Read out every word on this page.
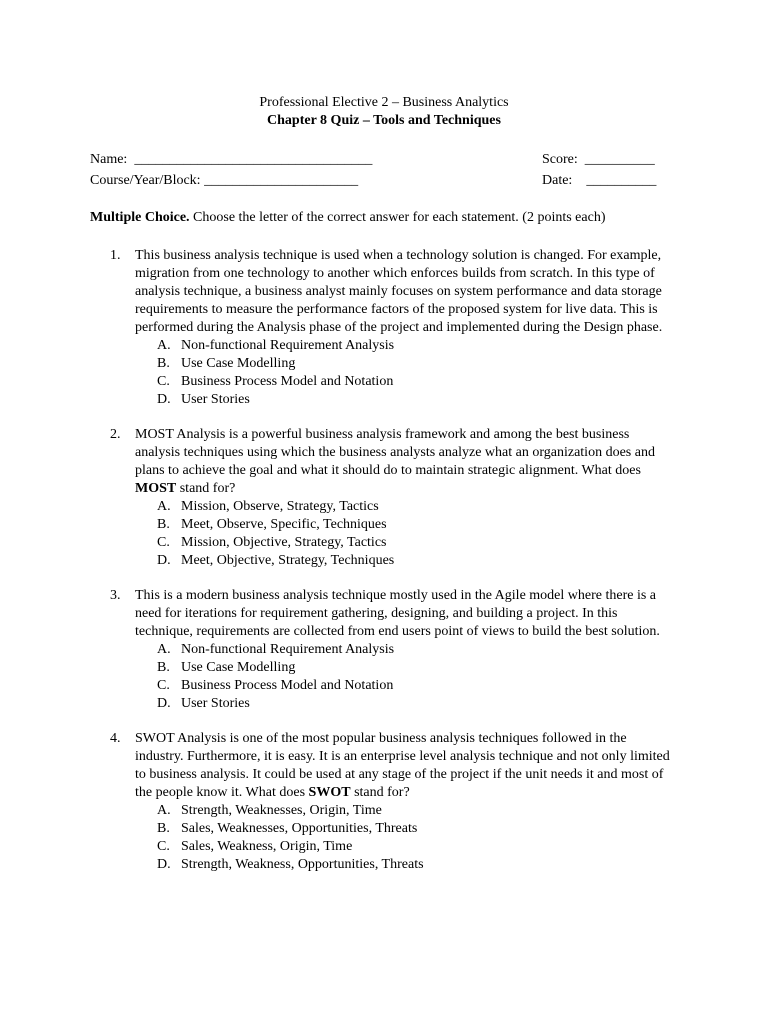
Professional Elective 2 – Business Analytics
Chapter 8 Quiz – Tools and Techniques
Name:  __________________________________	Score:  __________
Course/Year/Block: ______________________	Date:    __________
Multiple Choice. Choose the letter of the correct answer for each statement. (2 points each)
1. This business analysis technique is used when a technology solution is changed. For example, migration from one technology to another which enforces builds from scratch. In this type of analysis technique, a business analyst mainly focuses on system performance and data storage requirements to measure the performance factors of the proposed system for live data. This is performed during the Analysis phase of the project and implemented during the Design phase.
A. Non-functional Requirement Analysis
B. Use Case Modelling
C. Business Process Model and Notation
D. User Stories
2. MOST Analysis is a powerful business analysis framework and among the best business analysis techniques using which the business analysts analyze what an organization does and plans to achieve the goal and what it should do to maintain strategic alignment. What does MOST stand for?
A. Mission, Observe, Strategy, Tactics
B. Meet, Observe, Specific, Techniques
C. Mission, Objective, Strategy, Tactics
D. Meet, Objective, Strategy, Techniques
3. This is a modern business analysis technique mostly used in the Agile model where there is a need for iterations for requirement gathering, designing, and building a project. In this technique, requirements are collected from end users point of views to build the best solution.
A. Non-functional Requirement Analysis
B. Use Case Modelling
C. Business Process Model and Notation
D. User Stories
4. SWOT Analysis is one of the most popular business analysis techniques followed in the industry. Furthermore, it is easy. It is an enterprise level analysis technique and not only limited to business analysis. It could be used at any stage of the project if the unit needs it and most of the people know it. What does SWOT stand for?
A. Strength, Weaknesses, Origin, Time
B. Sales, Weaknesses, Opportunities, Threats
C. Sales, Weakness, Origin, Time
D. Strength, Weakness, Opportunities, Threats
